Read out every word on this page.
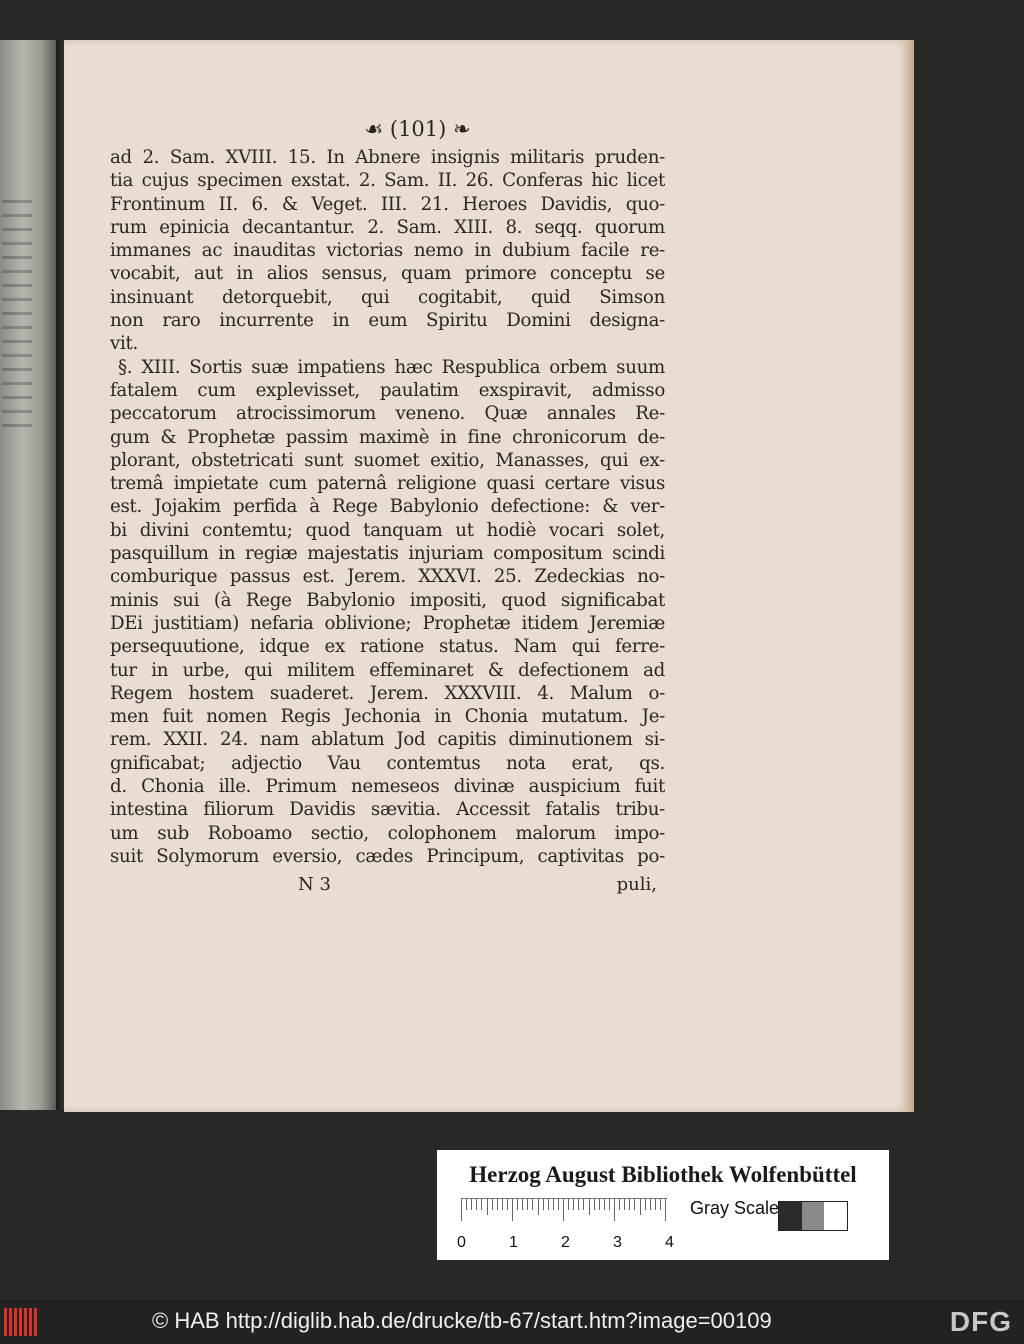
☙ (101) ❧
ad 2. Sam. XVIII. 15. In Abnere insignis militaris pruden-
tia cujus specimen exstat. 2. Sam. II. 26. Conferas hic licet
Frontinum II. 6. & Veget. III. 21. Heroes Davidis, quo-
rum epinicia decantantur. 2. Sam. XIII. 8. seqq. quorum
immanes ac inauditas victorias nemo in dubium facile re-
vocabit, aut in alios sensus, quam primore conceptu se
insinuant detorquebit, qui cogitabit, quid Simson
non raro incurrente in eum Spiritu Domini designa-
vit.
§. XIII. Sortis suæ impatiens hæc Respublica orbem suum
fatalem cum explevisset, paulatim exspiravit, admisso
peccatorum atrocissimorum veneno. Quæ annales Re-
gum & Prophetæ passim maximè in fine chronicorum de-
plorant, obstetricati sunt suomet exitio, Manasses, qui ex-
tremâ impietate cum paternâ religione quasi certare visus
est. Jojakim perfida à Rege Babylonio defectione: & ver-
bi divini contemtu; quod tanquam ut hodiè vocari solet,
pasquillum in regiæ majestatis injuriam compositum scindi
comburique passus est. Jerem. XXXVI. 25. Zedeckias no-
minis sui (à Rege Babylonio impositi, quod significabat
DEi justitiam) nefaria oblivione; Prophetæ itidem Jeremiæ
persequutione, idque ex ratione status. Nam qui ferre-
tur in urbe, qui militem effeminaret & defectionem ad
Regem hostem suaderet. Jerem. XXXVIII. 4. Malum o-
men fuit nomen Regis Jechonia in Chonia mutatum. Je-
rem. XXII. 24. nam ablatum Jod capitis diminutionem si-
gnificabat; adjectio Vau contemtus nota erat, qs.
d. Chonia ille. Primum nemeseos divinæ auspicium fuit
intestina filiorum Davidis sævitia. Accessit fatalis tribu-
um sub Roboamo sectio, colophonem malorum impo-
suit Solymorum eversio, cædes Principum, captivitas po-
N 3	puli,
Herzog August Bibliothek Wolfenbüttel
0	1	2	3	4
Gray Scale
© HAB http://diglib.hab.de/drucke/tb-67/start.htm?image=00109	DFG
